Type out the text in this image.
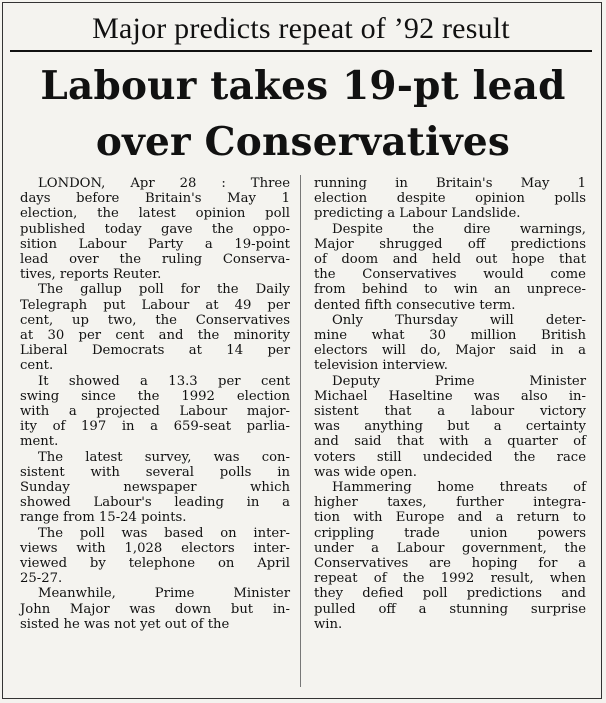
Major predicts repeat of ’92 result
Labour takes 19-pt lead
over Conservatives

LONDON, Apr 28 : Three
days before Britain's May 1
election, the latest opinion poll
published today gave the oppo-
sition Labour Party a 19-point
lead over the ruling Conserva-
tives, reports Reuter.

The gallup poll for the Daily
Telegraph put Labour at 49 per
cent, up two, the Conservatives
at 30 per cent and the minority
Liberal Democrats at 14 per
cent.

It showed a 13.3 per cent
swing since the 1992 election
with a projected Labour major-
ity of 197 in a 659-seat parlia-
ment.

The latest survey, was con-
sistent with several polls in
Sunday newspaper which
showed Labour's leading in a
range from 15-24 points.

The poll was based on inter-
views with 1,028 electors inter-
viewed by telephone on April
25-27.

Meanwhile, Prime Minister
John Major was down but in-
sisted he was not yet out of the

running in Britain's May 1
election despite opinion polls
predicting a Labour Landslide.

Despite the dire warnings,
Major shrugged off predictions
of doom and held out hope that
the Conservatives would come
from behind to win an unprece-
dented fifth consecutive term.

Only Thursday will deter-
mine what 30 million British
electors will do, Major said in a
television interview.

Deputy Prime Minister
Michael Haseltine was also in-
sistent that a labour victory
was anything but a certainty
and said that with a quarter of
voters still undecided the race
was wide open.

Hammering home threats of
higher taxes, further integra-
tion with Europe and a return to
crippling trade union powers
under a Labour government, the
Conservatives are hoping for a
repeat of the 1992 result, when
they defied poll predictions and
pulled off a stunning surprise
win.
